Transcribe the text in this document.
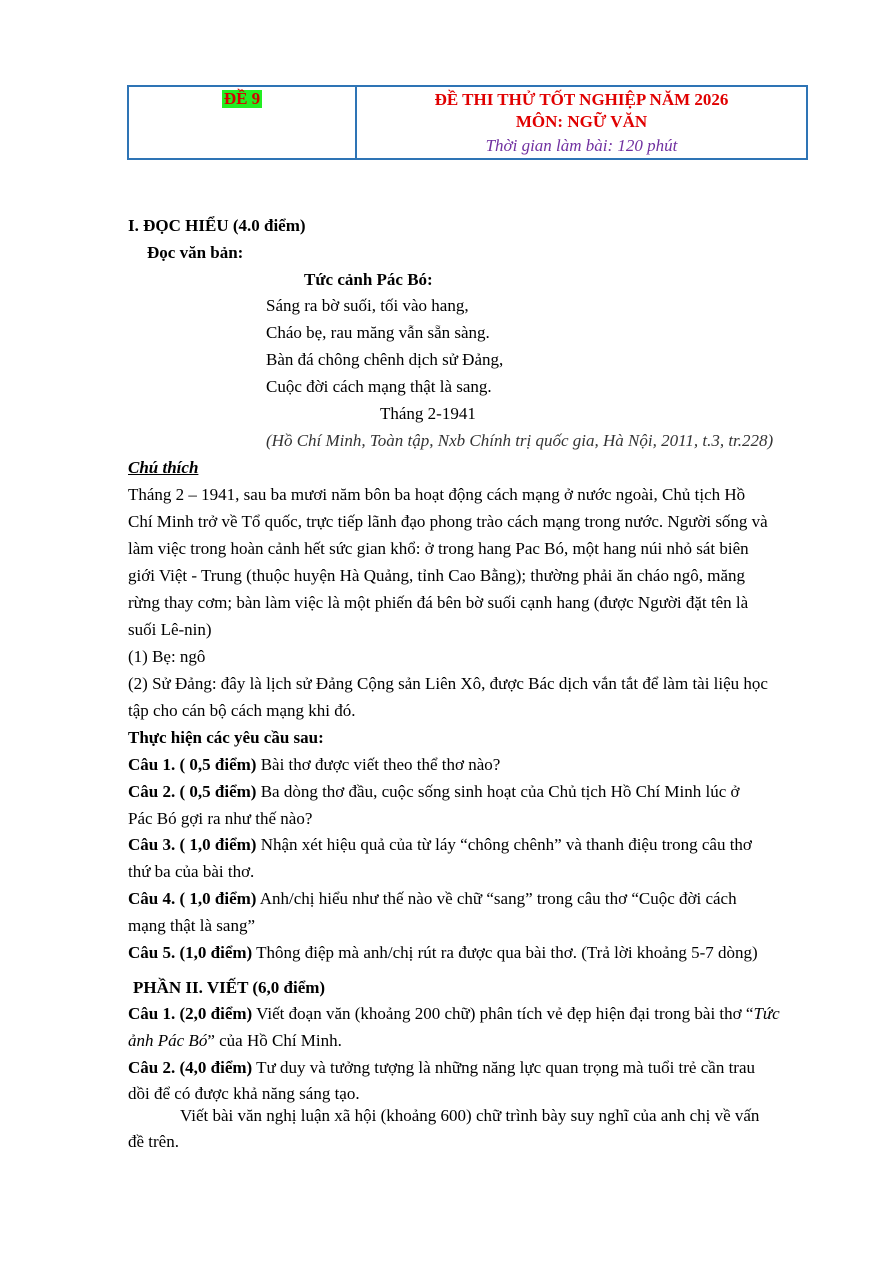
ĐỀ 9	ĐỀ THI THỬ TỐT NGHIỆP NĂM 2026
MÔN: NGỮ VĂN
Thời gian làm bài: 120 phút
I. ĐỌC HIỂU (4.0 điểm)
Đọc văn bản:
Tức cảnh Pác Bó:
Sáng ra bờ suối, tối vào hang,
Cháo bẹ, rau măng vẫn sẵn sàng.
Bàn đá chông chênh dịch sử Đảng,
Cuộc đời cách mạng thật là sang.
Tháng 2-1941
(Hồ Chí Minh, Toàn tập, Nxb Chính trị quốc gia, Hà Nội, 2011, t.3, tr.228)
Chú thích
Tháng 2 – 1941, sau ba mươi năm bôn ba hoạt động cách mạng ở nước ngoài, Chủ tịch Hồ
Chí Minh trở về Tổ quốc, trực tiếp lãnh đạo phong trào cách mạng trong nước. Người sống và
làm việc trong hoàn cảnh hết sức gian khổ: ở trong hang Pac Bó, một hang núi nhỏ sát biên
giới Việt - Trung (thuộc huyện Hà Quảng, tỉnh Cao Bằng); thường phải ăn cháo ngô, măng
rừng thay cơm; bàn làm việc là một phiến đá bên bờ suối cạnh hang (được Người đặt tên là
suối Lê-nin)
(1) Bẹ: ngô
(2) Sử Đảng: đây là lịch sử Đảng Cộng sản Liên Xô, được Bác dịch vắn tắt để làm tài liệu học
tập cho cán bộ cách mạng khi đó.
Thực hiện các yêu cầu sau:
Câu 1. ( 0,5 điểm) Bài thơ được viết theo thể thơ nào?
Câu 2. ( 0,5 điểm) Ba dòng thơ đầu, cuộc sống sinh hoạt của Chủ tịch Hồ Chí Minh lúc ở
Pác Bó gợi ra như thế nào?
Câu 3. ( 1,0 điểm) Nhận xét hiệu quả của từ láy “chông chênh” và thanh điệu trong câu thơ
thứ ba của bài thơ.
Câu 4. ( 1,0 điểm) Anh/chị hiểu như thế nào về chữ “sang” trong câu thơ “Cuộc đời cách
mạng thật là sang”
Câu 5. (1,0 điểm) Thông điệp mà anh/chị rút ra được qua bài thơ. (Trả lời khoảng 5-7 dòng)
PHẦN II. VIẾT (6,0 điểm)
Câu 1. (2,0 điểm) Viết đoạn văn (khoảng 200 chữ) phân tích vẻ đẹp hiện đại trong bài thơ “Tức
ảnh Pác Bó” của Hồ Chí Minh.
Câu 2. (4,0 điểm) Tư duy và tưởng tượng là những năng lực quan trọng mà tuổi trẻ cần trau
dồi để có được khả năng sáng tạo.
Viết bài văn nghị luận xã hội (khoảng 600) chữ trình bày suy nghĩ của anh chị về vấn
đề trên.
